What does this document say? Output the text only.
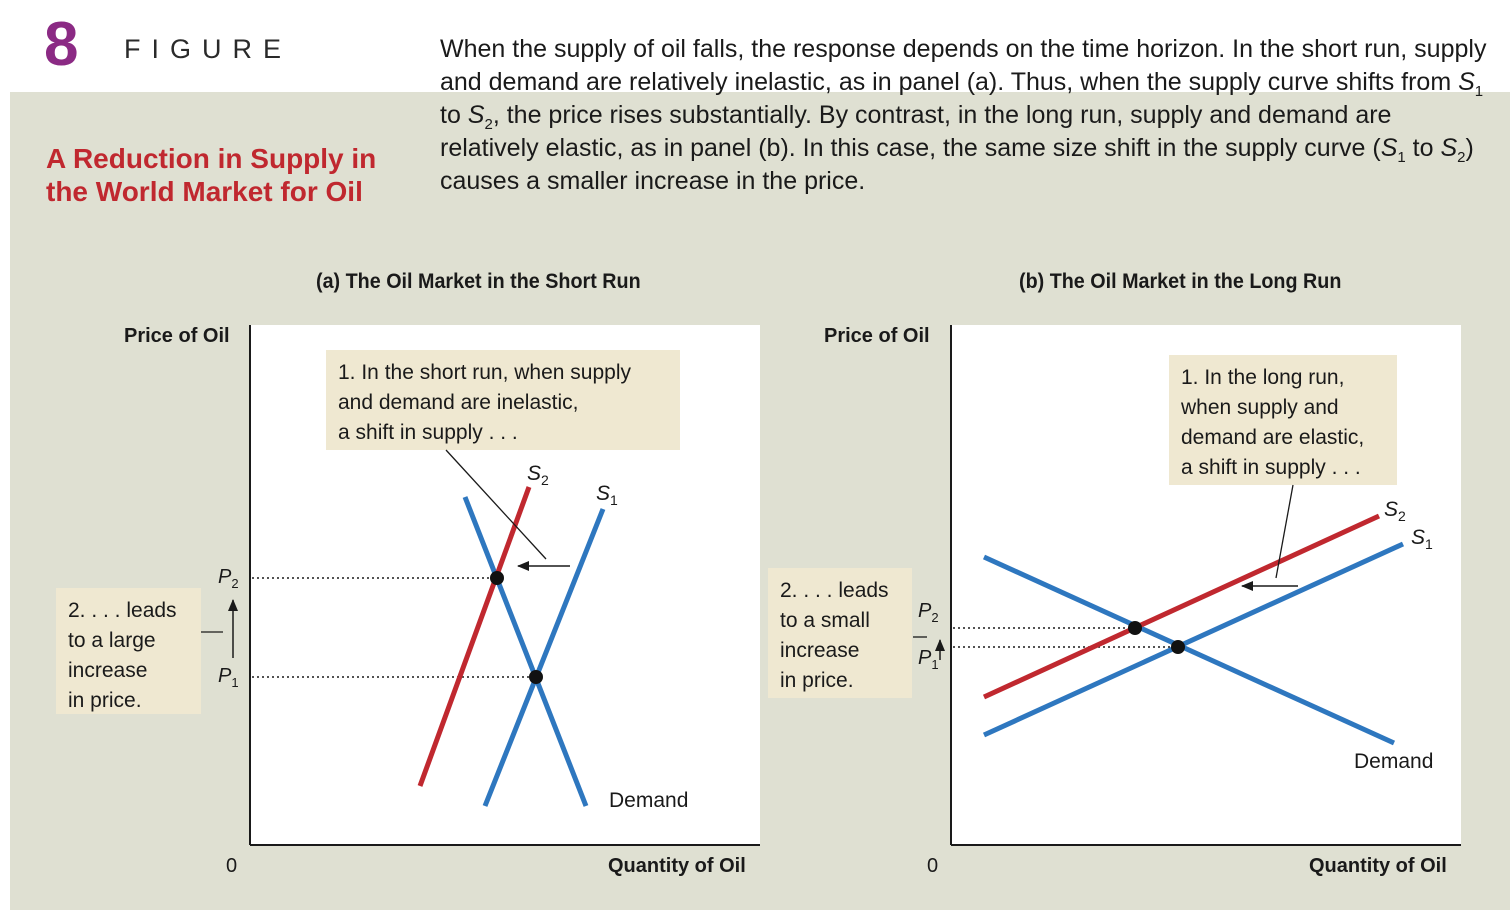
8 FIGURE
A Reduction in Supply in the World Market for Oil
When the supply of oil falls, the response depends on the time horizon. In the short run, supply and demand are relatively inelastic, as in panel (a). Thus, when the supply curve shifts from $S_1$ to $S_2$, the price rises substantially. By contrast, in the long run, supply and demand are relatively elastic, as in panel (b). In this case, the same size shift in the supply curve ($S_1$ to $S_2$) causes a smaller increase in the price.
(a) The Oil Market in the Short Run
Price of Oil
Quantity of Oil
0
1. In the short run, when supply
and demand are inelastic,
a shift in supply . . .
2. . . . leads
to a large
increase
in price.
$S_2$
$S_1$
Demand
$P_2$
$P_1$
(b) The Oil Market in the Long Run
Price of Oil
Quantity of Oil
0
1. In the long run,
when supply and
demand are elastic,
a shift in supply . . .
2. . . . leads
to a small
increase
in price.
$S_2$
$S_1$
Demand
$P_2$
$P_1$
